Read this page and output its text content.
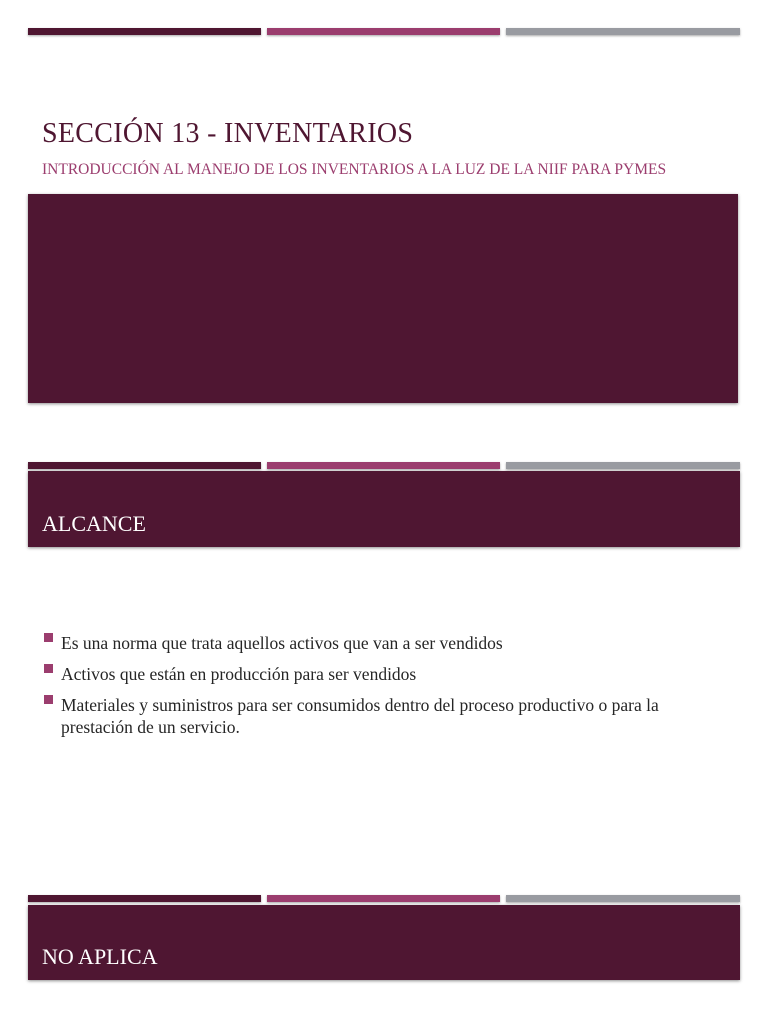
SECCIÓN 13 - INVENTARIOS
INTRODUCCIÓN AL MANEJO DE LOS INVENTARIOS A LA LUZ DE LA NIIF PARA PYMES
ALCANCE
Es una norma que trata aquellos activos que van a ser vendidos
Activos que están en producción para ser vendidos
Materiales y suministros para ser consumidos dentro del proceso productivo o para la prestación de un servicio.
NO APLICA
